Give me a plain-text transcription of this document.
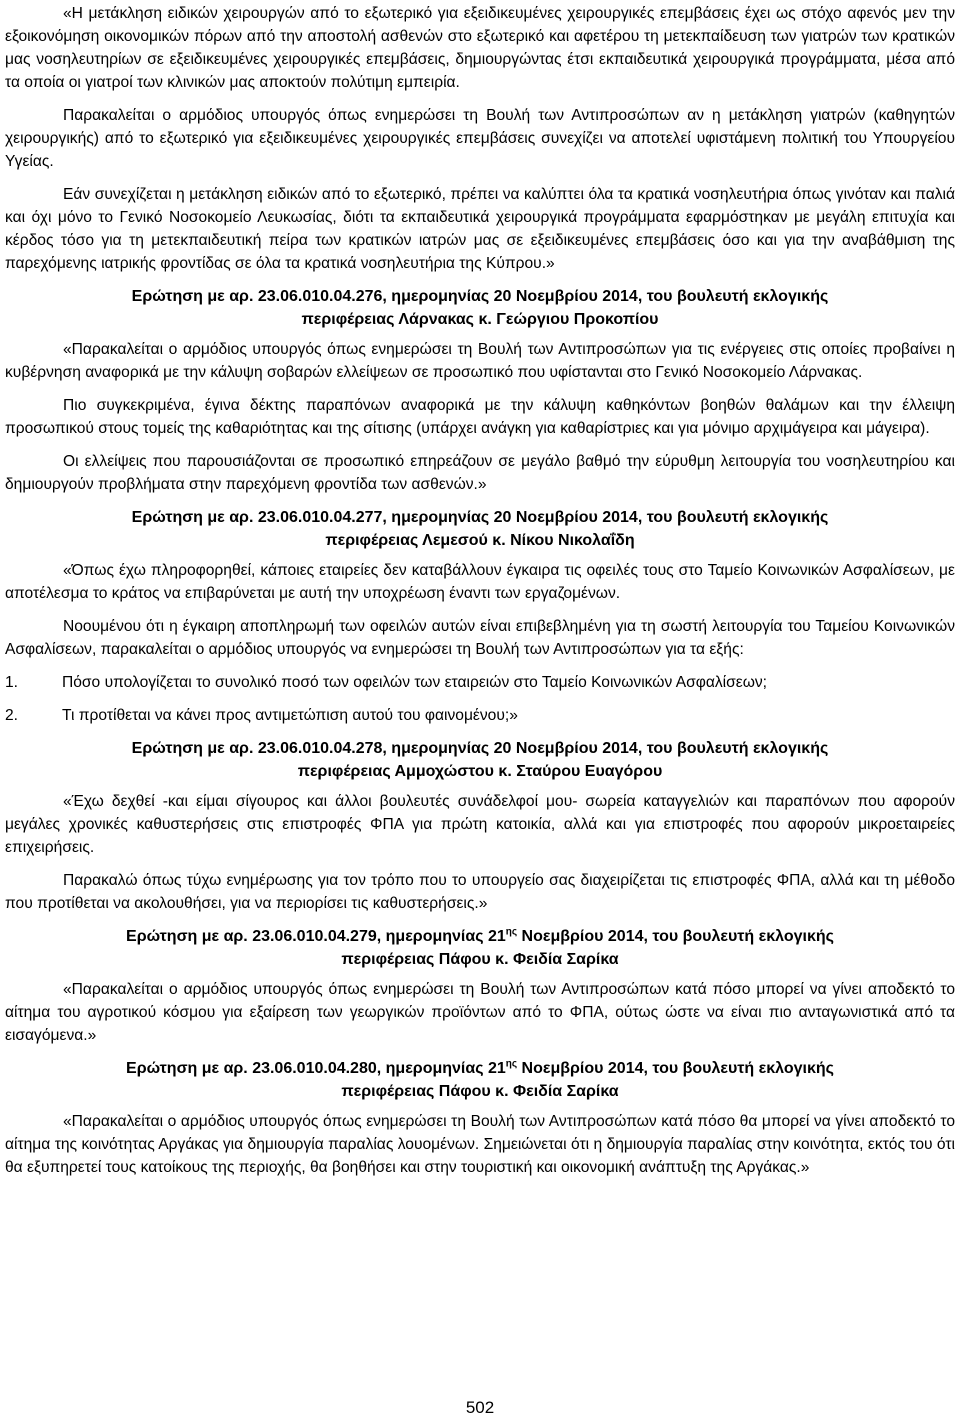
«Η μετάκληση ειδικών χειρουργών από το εξωτερικό για εξειδικευμένες χειρουργικές επεμβάσεις έχει ως στόχο αφενός μεν την εξοικονόμηση οικονομικών πόρων από την αποστολή ασθενών στο εξωτερικό και αφετέρου τη μετεκπαίδευση των γιατρών των κρατικών μας νοσηλευτηρίων σε εξειδικευμένες χειρουργικές επεμβάσεις, δημιουργώντας έτσι εκπαιδευτικά χειρουργικά προγράμματα, μέσα από τα οποία οι γιατροί των κλινικών μας αποκτούν πολύτιμη εμπειρία.

Παρακαλείται ο αρμόδιος υπουργός όπως ενημερώσει τη Βουλή των Αντιπροσώπων αν η μετάκληση γιατρών (καθηγητών χειρουργικής) από το εξωτερικό για εξειδικευμένες χειρουργικές επεμβάσεις συνεχίζει να αποτελεί υφιστάμενη πολιτική του Υπουργείου Υγείας.

Εάν συνεχίζεται η μετάκληση ειδικών από το εξωτερικό, πρέπει να καλύπτει όλα τα κρατικά νοσηλευτήρια όπως γινόταν και παλιά και όχι μόνο το Γενικό Νοσοκομείο Λευκωσίας, διότι τα εκπαιδευτικά χειρουργικά προγράμματα εφαρμόστηκαν με μεγάλη επιτυχία και κέρδος τόσο για τη μετεκπαιδευτική πείρα των κρατικών ιατρών μας σε εξειδικευμένες επεμβάσεις όσο και για την αναβάθμιση της παρεχόμενης ιατρικής φροντίδας σε όλα τα κρατικά νοσηλευτήρια της Κύπρου.»

Ερώτηση με αρ. 23.06.010.04.276, ημερομηνίας 20 Νοεμβρίου 2014, του βουλευτή εκλογικής
περιφέρειας Λάρνακας κ. Γεώργιου Προκοπίου

«Παρακαλείται ο αρμόδιος υπουργός όπως ενημερώσει τη Βουλή των Αντιπροσώπων για τις ενέργειες στις οποίες προβαίνει η κυβέρνηση αναφορικά με την κάλυψη σοβαρών ελλείψεων σε προσωπικό που υφίστανται στο Γενικό Νοσοκομείο Λάρνακας.

Πιο συγκεκριμένα, έγινα δέκτης παραπόνων αναφορικά με την κάλυψη καθηκόντων βοηθών θαλάμων και την έλλειψη προσωπικού στους τομείς της καθαριότητας και της σίτισης (υπάρχει ανάγκη για καθαρίστριες και για μόνιμο αρχιμάγειρα και μάγειρα).

Οι ελλείψεις που παρουσιάζονται σε προσωπικό επηρεάζουν σε μεγάλο βαθμό την εύρυθμη λειτουργία του νοσηλευτηρίου και δημιουργούν προβλήματα στην παρεχόμενη φροντίδα των ασθενών.»

Ερώτηση με αρ. 23.06.010.04.277, ημερομηνίας 20 Νοεμβρίου 2014, του βουλευτή εκλογικής
περιφέρειας Λεμεσού κ. Νίκου Νικολαΐδη

«Όπως έχω πληροφορηθεί, κάποιες εταιρείες δεν καταβάλλουν έγκαιρα τις οφειλές τους στο Ταμείο Κοινωνικών Ασφαλίσεων, με αποτέλεσμα το κράτος να επιβαρύνεται με αυτή την υποχρέωση έναντι των εργαζομένων.

Νοουμένου ότι η έγκαιρη αποπληρωμή των οφειλών αυτών είναι επιβεβλημένη για τη σωστή λειτουργία του Ταμείου Κοινωνικών Ασφαλίσεων, παρακαλείται ο αρμόδιος υπουργός να ενημερώσει τη Βουλή των Αντιπροσώπων για τα εξής:

1.	Πόσο υπολογίζεται το συνολικό ποσό των οφειλών των εταιρειών στο Ταμείο Κοινωνικών Ασφαλίσεων;
2.	Τι προτίθεται να κάνει προς αντιμετώπιση αυτού του φαινομένου;»
Ερώτηση με αρ. 23.06.010.04.278, ημερομηνίας 20 Νοεμβρίου 2014, του βουλευτή εκλογικής
περιφέρειας Αμμοχώστου κ. Σταύρου Ευαγόρου

«Έχω δεχθεί -και είμαι σίγουρος και άλλοι βουλευτές συνάδελφοί μου- σωρεία καταγγελιών και παραπόνων που αφορούν μεγάλες χρονικές καθυστερήσεις στις επιστροφές ΦΠΑ για πρώτη κατοικία, αλλά και για επιστροφές που αφορούν μικροεταιρείες επιχειρήσεις.

Παρακαλώ όπως τύχω ενημέρωσης για τον τρόπο που το υπουργείο σας διαχειρίζεται τις επιστροφές ΦΠΑ, αλλά και τη μέθοδο που προτίθεται να ακολουθήσει, για να περιορίσει τις καθυστερήσεις.»

Ερώτηση με αρ. 23.06.010.04.279, ημερομηνίας $21^{\eta\varsigma}$ Νοεμβρίου 2014, του βουλευτή εκλογικής
περιφέρειας Πάφου κ. Φειδία Σαρίκα

«Παρακαλείται ο αρμόδιος υπουργός όπως ενημερώσει τη Βουλή των Αντιπροσώπων κατά πόσο μπορεί να γίνει αποδεκτό το αίτημα του αγροτικού κόσμου για εξαίρεση των γεωργικών προϊόντων από το ΦΠΑ, ούτως ώστε να είναι πιο ανταγωνιστικά από τα εισαγόμενα.»

Ερώτηση με αρ. 23.06.010.04.280, ημερομηνίας $21^{\eta\varsigma}$ Νοεμβρίου 2014, του βουλευτή εκλογικής
περιφέρειας Πάφου κ. Φειδία Σαρίκα

«Παρακαλείται ο αρμόδιος υπουργός όπως ενημερώσει τη Βουλή των Αντιπροσώπων κατά πόσο θα μπορεί να γίνει αποδεκτό το αίτημα της κοινότητας Αργάκας για δημιουργία παραλίας λουομένων. Σημειώνεται ότι η δημιουργία παραλίας στην κοινότητα, εκτός του ότι θα εξυπηρετεί τους κατοίκους της περιοχής, θα βοηθήσει και στην τουριστική και οικονομική ανάπτυξη της Αργάκας.»

502
